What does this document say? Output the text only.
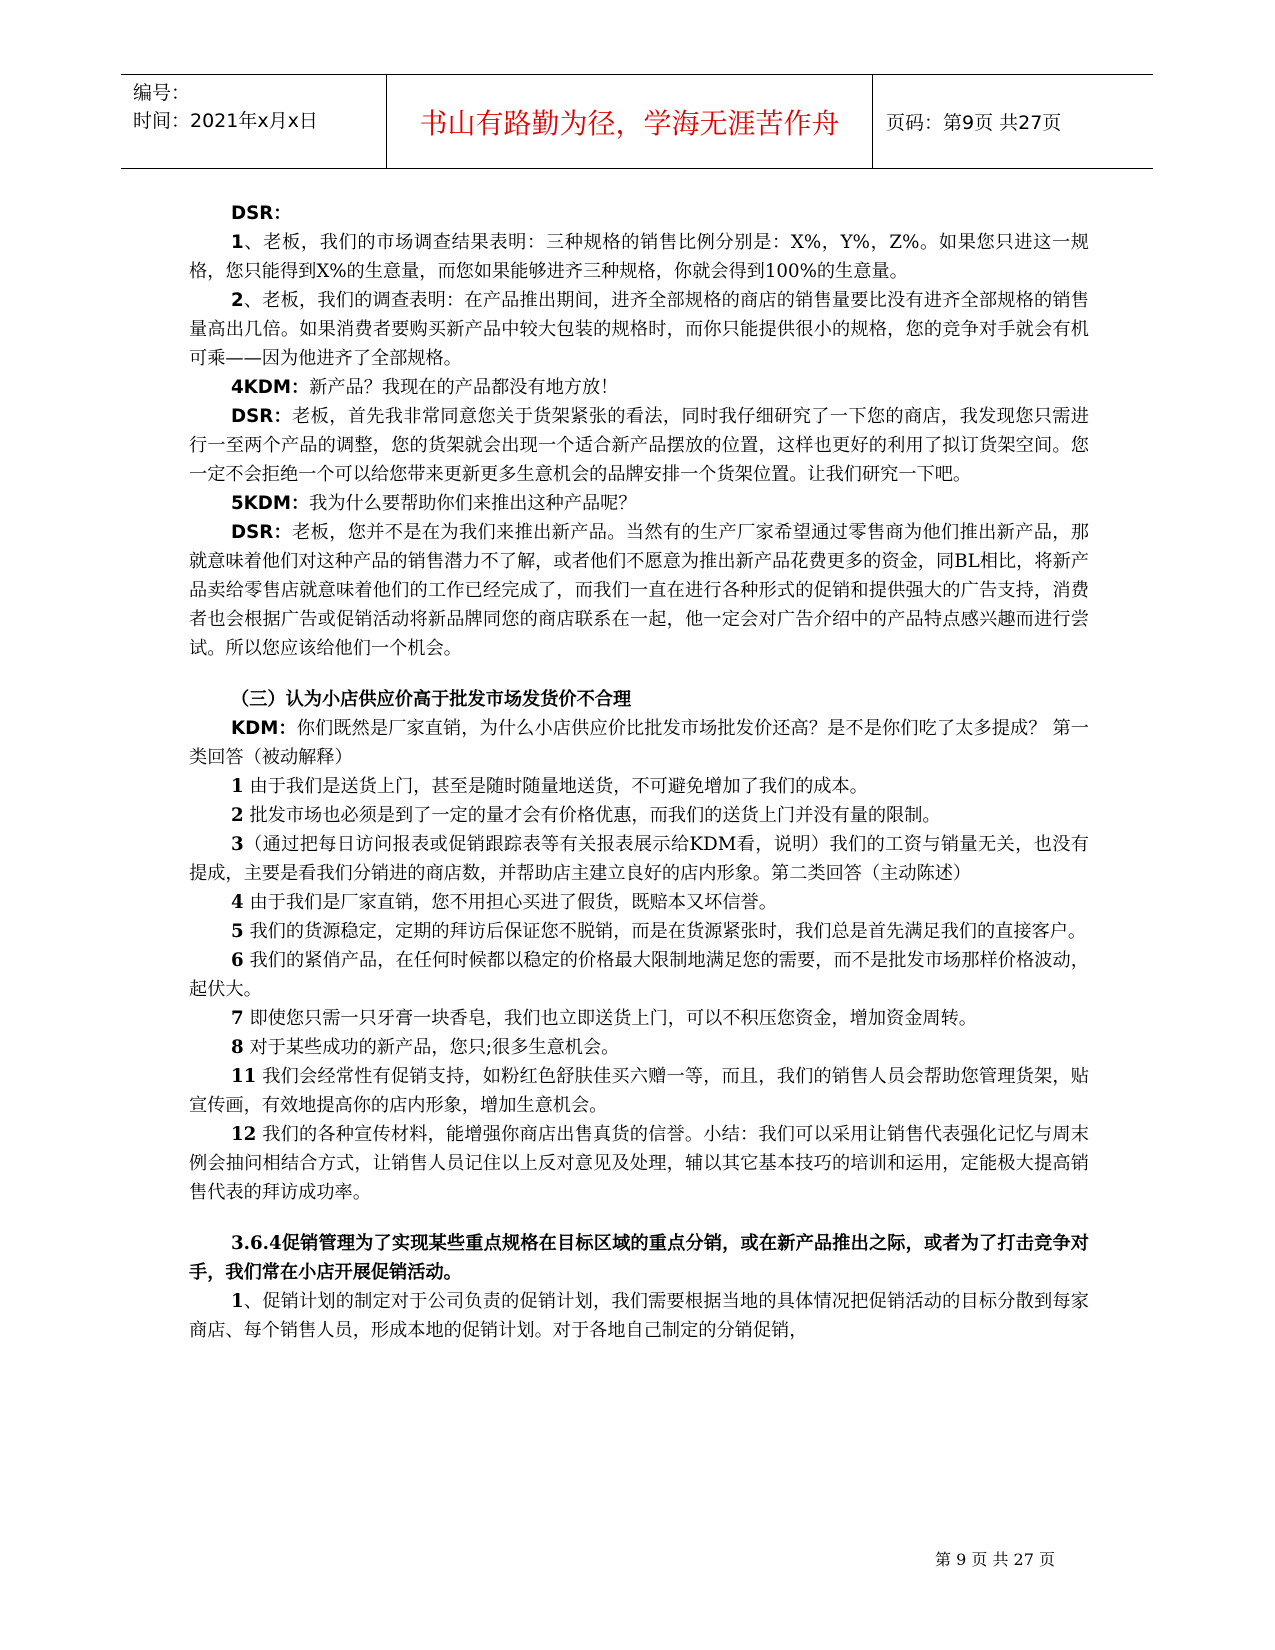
编号：
时间：2021年x月x日	书山有路勤为径，学海无涯苦作舟	页码：第9页 共27页

DSR：

1、老板，我们的市场调查结果表明：三种规格的销售比例分别是：X%，Y%，Z%。如果您只进这一规格，您只能得到X%的生意量，而您如果能够进齐三种规格，你就会得到100%的生意量。

2、老板，我们的调查表明：在产品推出期间，进齐全部规格的商店的销售量要比没有进齐全部规格的销售量高出几倍。如果消费者要购买新产品中较大包装的规格时，而你只能提供很小的规格，您的竞争对手就会有机可乘——因为他进齐了全部规格。

4KDM：新产品？我现在的产品都没有地方放！

DSR：老板，首先我非常同意您关于货架紧张的看法，同时我仔细研究了一下您的商店，我发现您只需进行一至两个产品的调整，您的货架就会出现一个适合新产品摆放的位置，这样也更好的利用了拟订货架空间。您一定不会拒绝一个可以给您带来更新更多生意机会的品牌安排一个货架位置。让我们研究一下吧。

5KDM：我为什么要帮助你们来推出这种产品呢？

DSR：老板，您并不是在为我们来推出新产品。当然有的生产厂家希望通过零售商为他们推出新产品，那就意味着他们对这种产品的销售潜力不了解，或者他们不愿意为推出新产品花费更多的资金，同BL相比，将新产品卖给零售店就意味着他们的工作已经完成了，而我们一直在进行各种形式的促销和提供强大的广告支持，消费者也会根据广告或促销活动将新品牌同您的商店联系在一起，他一定会对广告介绍中的产品特点感兴趣而进行尝试。所以您应该给他们一个机会。

（三）认为小店供应价高于批发市场发货价不合理

KDM：你们既然是厂家直销，为什么小店供应价比批发市场批发价还高？是不是你们吃了太多提成？ 第一类回答（被动解释）

1 由于我们是送货上门，甚至是随时随量地送货，不可避免增加了我们的成本。

2 批发市场也必须是到了一定的量才会有价格优惠，而我们的送货上门并没有量的限制。

3（通过把每日访问报表或促销跟踪表等有关报表展示给KDM看，说明）我们的工资与销量无关，也没有提成，主要是看我们分销进的商店数，并帮助店主建立良好的店内形象。第二类回答（主动陈述）

4 由于我们是厂家直销，您不用担心买进了假货，既赔本又坏信誉。

5 我们的货源稳定，定期的拜访后保证您不脱销，而是在货源紧张时，我们总是首先满足我们的直接客户。

6 我们的紧俏产品，在任何时候都以稳定的价格最大限制地满足您的需要，而不是批发市场那样价格波动，起伏大。

7 即使您只需一只牙膏一块香皂，我们也立即送货上门，可以不积压您资金，增加资金周转。

8 对于某些成功的新产品，您只;很多生意机会。

11 我们会经常性有促销支持，如粉红色舒肤佳买六赠一等，而且，我们的销售人员会帮助您管理货架，贴宣传画，有效地提高你的店内形象，增加生意机会。

12 我们的各种宣传材料，能增强你商店出售真货的信誉。小结：我们可以采用让销售代表强化记忆与周末例会抽问相结合方式，让销售人员记住以上反对意见及处理，辅以其它基本技巧的培训和运用，定能极大提高销售代表的拜访成功率。

3.6.4促销管理为了实现某些重点规格在目标区域的重点分销，或在新产品推出之际，或者为了打击竞争对手，我们常在小店开展促销活动。

1、促销计划的制定对于公司负责的促销计划，我们需要根据当地的具体情况把促销活动的目标分散到每家商店、每个销售人员，形成本地的促销计划。对于各地自己制定的分销促销，

第 9 页 共 27 页
